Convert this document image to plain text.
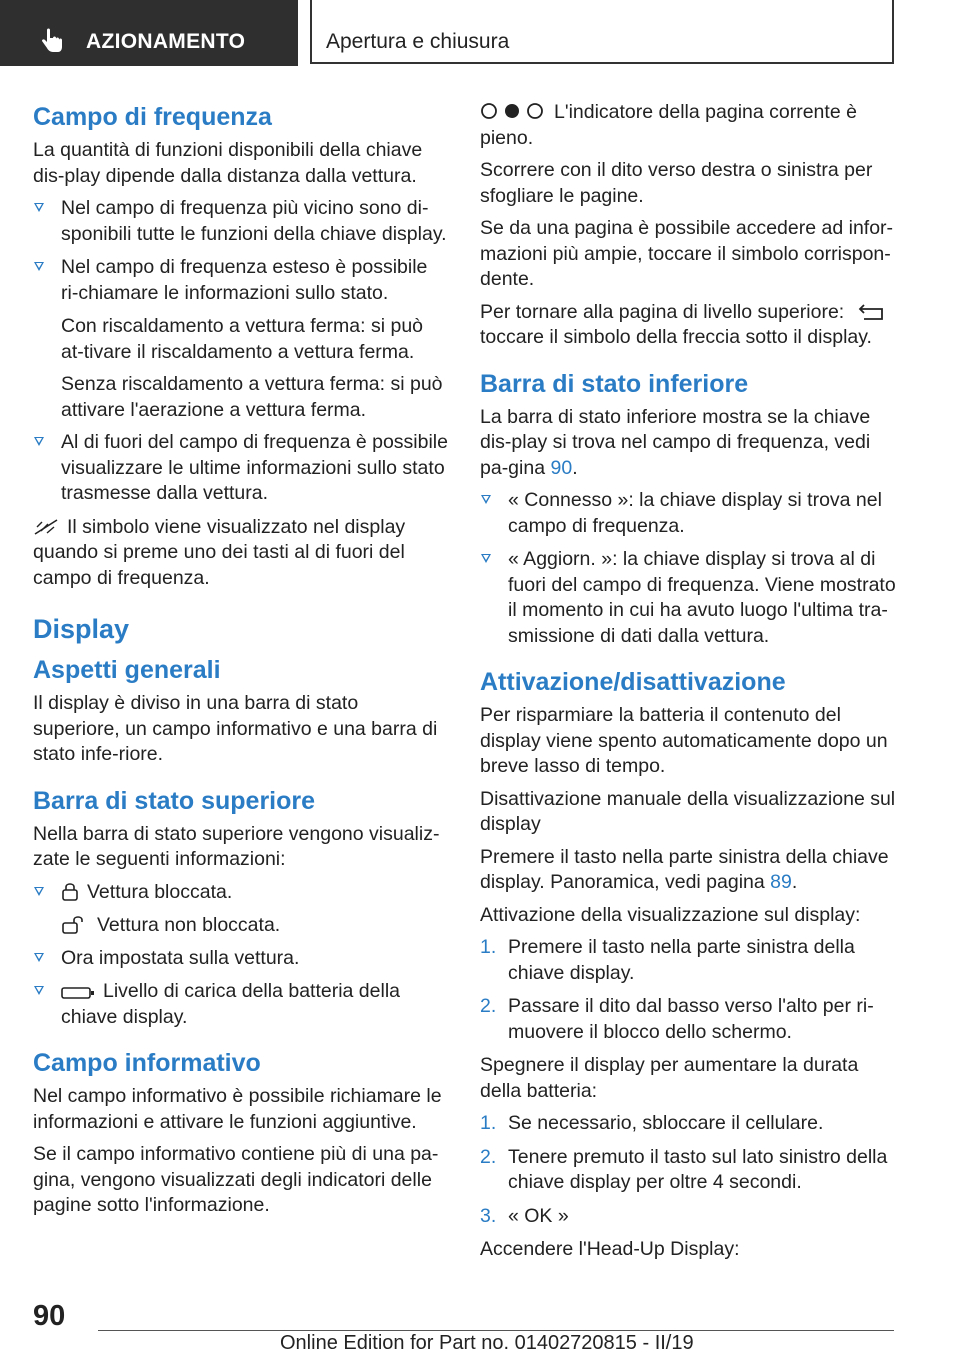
AZIONAMENTO	Apertura e chiusura
Campo di frequenza

La quantità di funzioni disponibili della chiave dis-play dipende dalla distanza dalla vettura.

Nel campo di frequenza più vicino sono di-sponibili tutte le funzioni della chiave display.
Nel campo di frequenza esteso è possibile ri-chiamare le informazioni sullo stato.

Con riscaldamento a vettura ferma: si può at-tivare il riscaldamento a vettura ferma.

Senza riscaldamento a vettura ferma: si può attivare l'aerazione a vettura ferma.

Al di fuori del campo di frequenza è possibile visualizzare le ultime informazioni sullo stato trasmesse dalla vettura.

Il simbolo viene visualizzato nel display quando si preme uno dei tasti al di fuori del campo di frequenza.

Display
Aspetti generali

Il display è diviso in una barra di stato superiore, un campo informativo e una barra di stato infe-riore.

Barra di stato superiore

Nella barra di stato superiore vengono visualiz-zate le seguenti informazioni:

Vettura bloccata.

Vettura non bloccata.

Ora impostata sulla vettura.
Livello di carica della batteria della chiave display.
Campo informativo

Nel campo informativo è possibile richiamare le informazioni e attivare le funzioni aggiuntive.

Se il campo informativo contiene più di una pa-gina, vengono visualizzati degli indicatori delle pagine sotto l'informazione.

L'indicatore della pagina corrente è pieno.

Scorrere con il dito verso destra o sinistra per sfogliare le pagine.

Se da una pagina è possibile accedere ad infor-mazioni più ampie, toccare il simbolo corrispon-dente.

Per tornare alla pagina di livello superiore:
toccare il simbolo della freccia sotto il display.

Barra di stato inferiore

La barra di stato inferiore mostra se la chiave dis-play si trova nel campo di frequenza, vedi pa-gina 90.

« Connesso »: la chiave display si trova nel campo di frequenza.
« Aggiorn. »: la chiave display si trova al di fuori del campo di frequenza. Viene mostrato il momento in cui ha avuto luogo l'ultima tra-smissione di dati dalla vettura.
Attivazione/disattivazione

Per risparmiare la batteria il contenuto del display viene spento automaticamente dopo un breve lasso di tempo.

Disattivazione manuale della visualizzazione sul display

Premere il tasto nella parte sinistra della chiave display. Panoramica, vedi pagina 89.

Attivazione della visualizzazione sul display:

1. Premere il tasto nella parte sinistra della chiave display.
2. Passare il dito dal basso verso l'alto per ri-muovere il blocco dello schermo.

Spegnere il display per aumentare la durata della batteria:

1. Se necessario, sbloccare il cellulare.
2. Tenere premuto il tasto sul lato sinistro della chiave display per oltre 4 secondi.
3. « OK »

Accendere l'Head-Up Display:

90
Online Edition for Part no. 01402720815 - II/19
